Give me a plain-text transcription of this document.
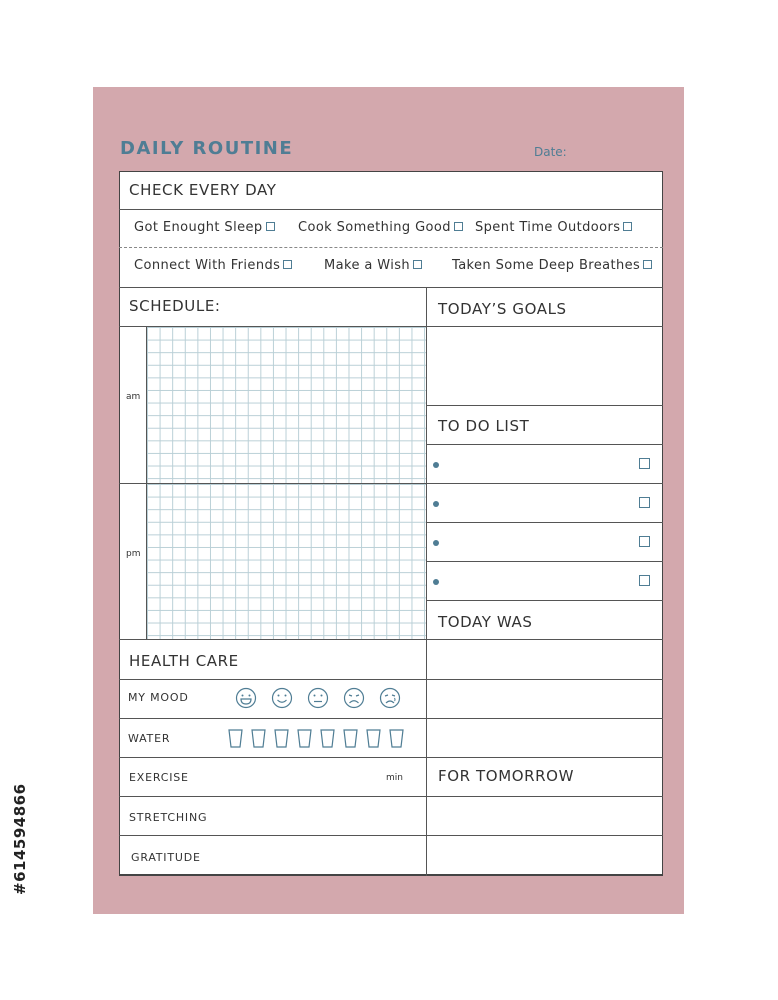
DAILY ROUTINE	Date:
CHECK EVERY DAY
Got Enought Sleep	Cook Something Good	Spent Time Outdoors
Connect With Friends	Make a Wish	Taken Some Deep Breathes
SCHEDULE:
am
pm
TODAY’S GOALS
TO DO LIST
TODAY WAS
FOR TOMORROW
HEALTH CARE
MY MOOD
WATER
EXERCISE	min
STRETCHING
GRATITUDE
#614594866
